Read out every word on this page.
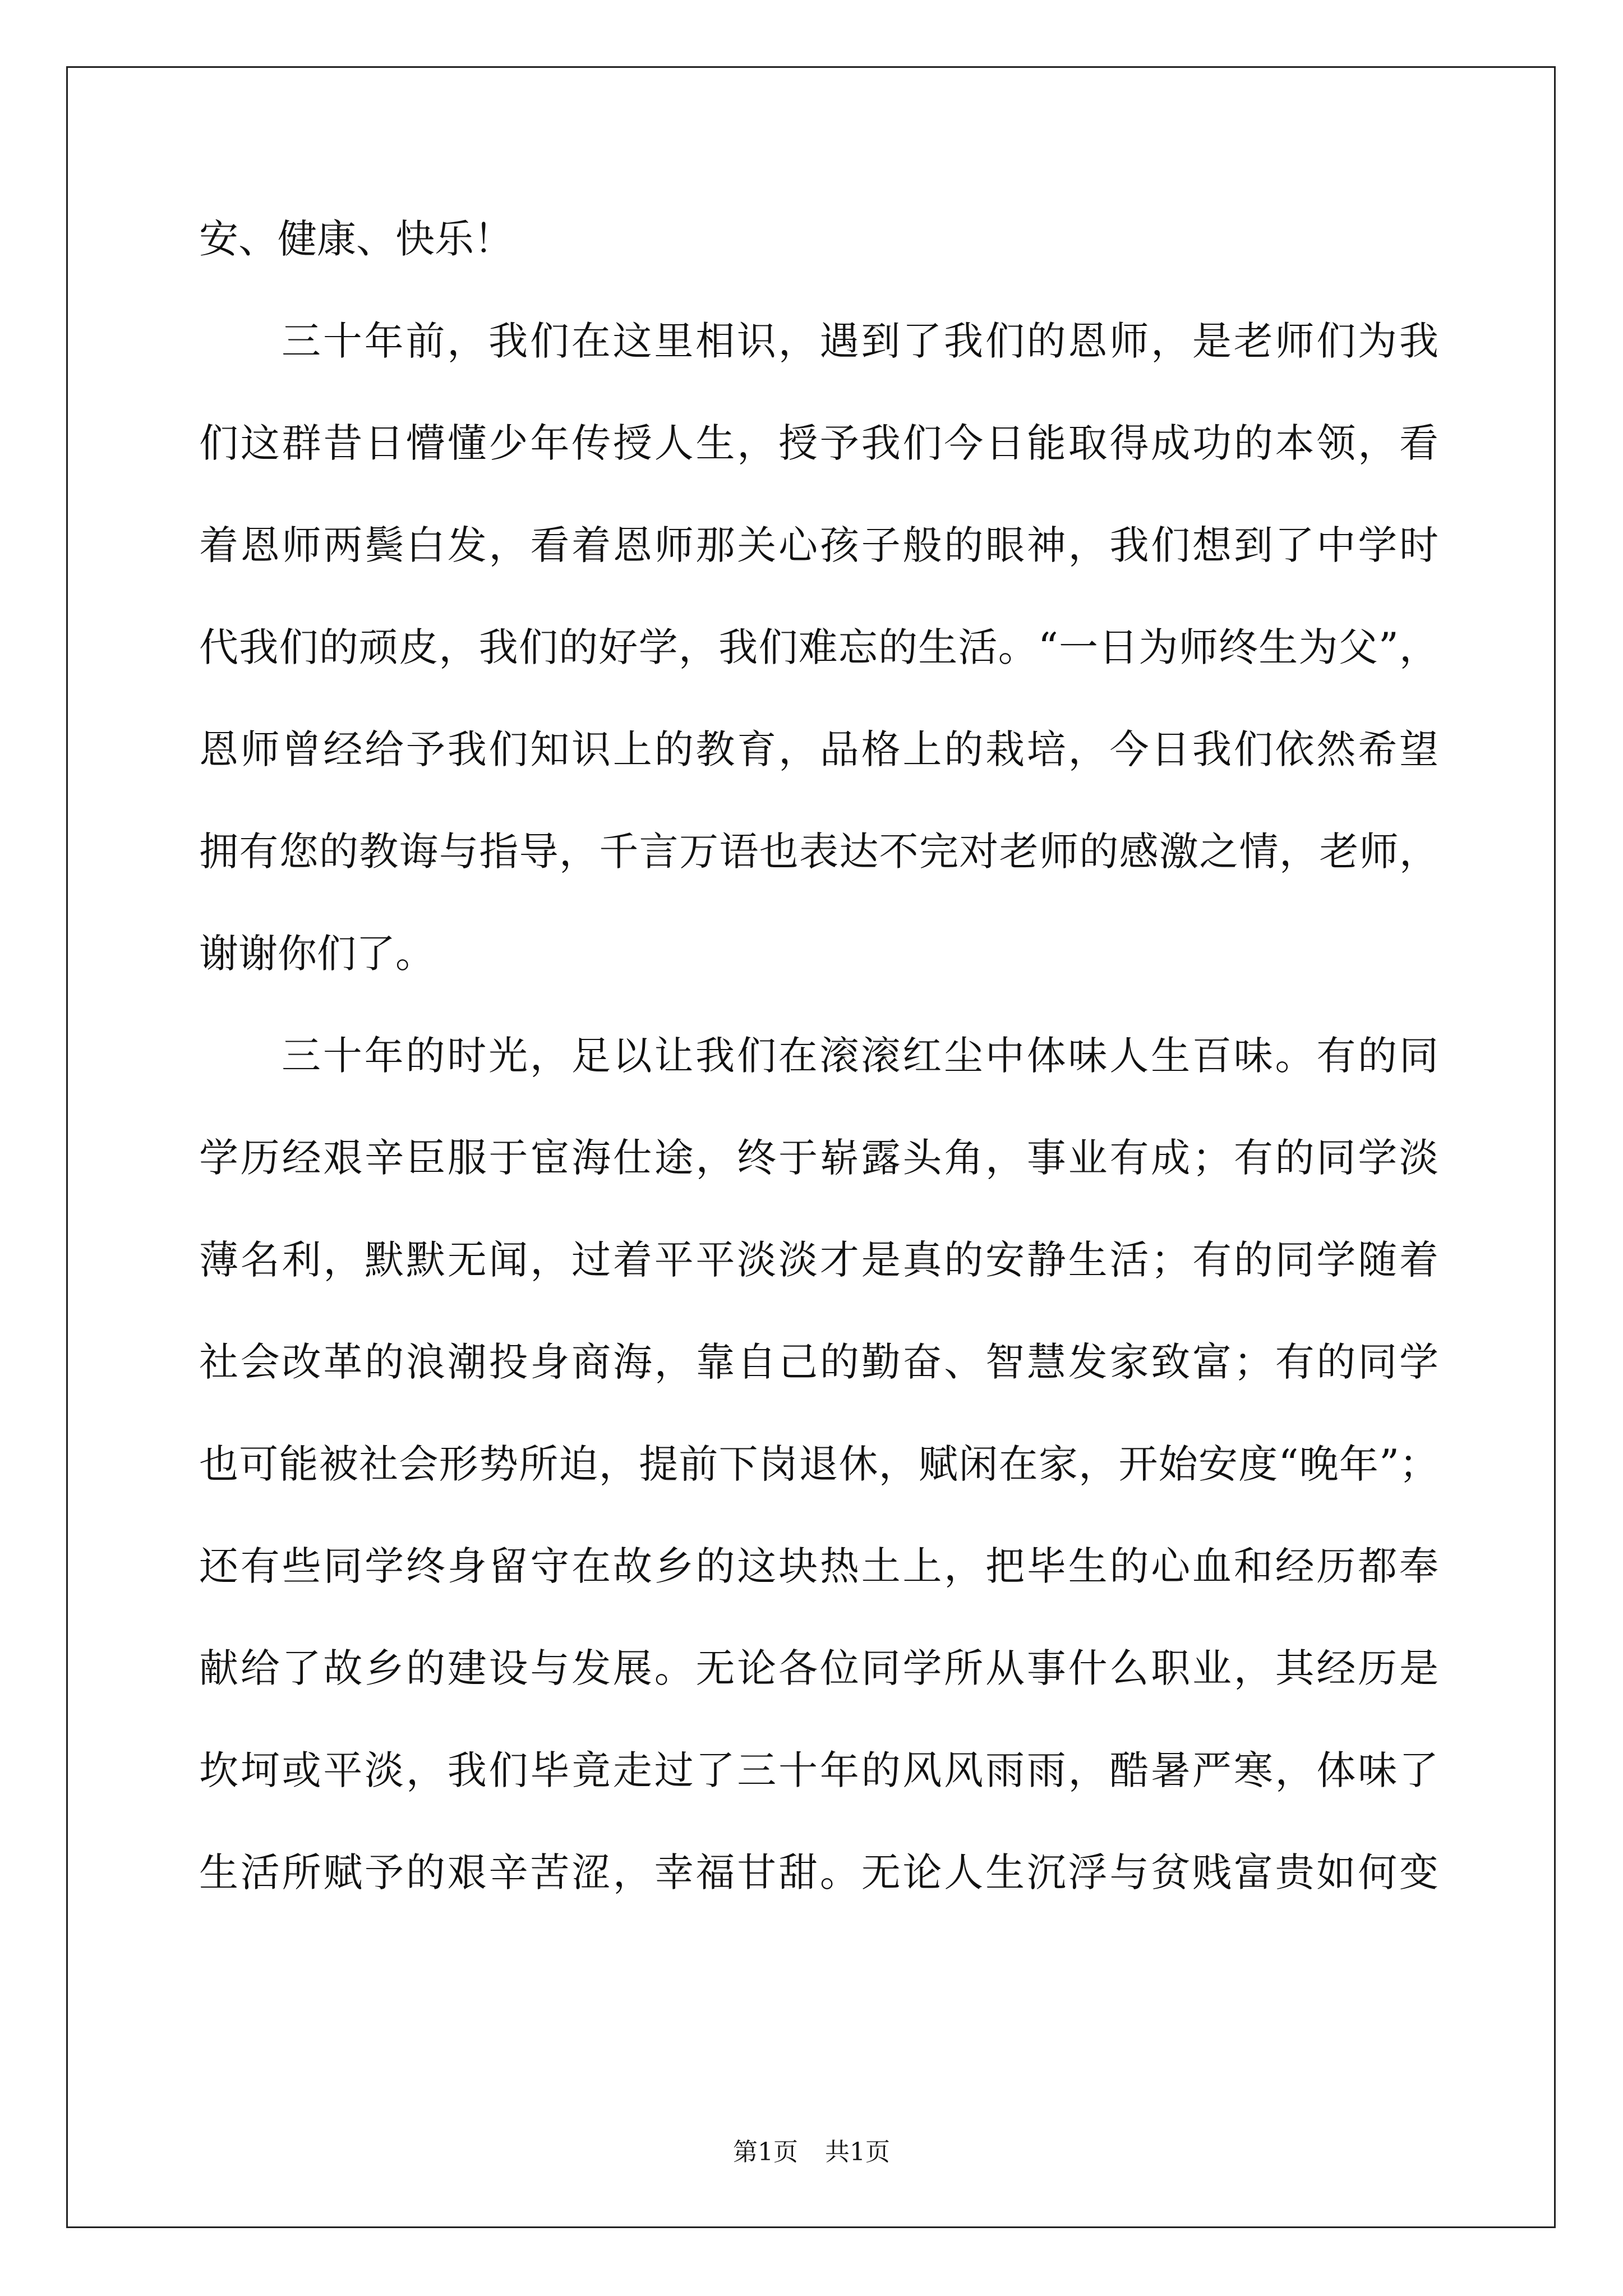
安、健康、快乐！
三十年前，我们在这里相识，遇到了我们的恩师，是老师们为我
们这群昔日懵懂少年传授人生，授予我们今日能取得成功的本领，看
着恩师两鬓白发，看着恩师那关心孩子般的眼神，我们想到了中学时
代我们的顽皮，我们的好学，我们难忘的生活。“一日为师终生为父”，
恩师曾经给予我们知识上的教育，品格上的栽培，今日我们依然希望
拥有您的教诲与指导，千言万语也表达不完对老师的感激之情，老师，
谢谢你们了。
三十年的时光，足以让我们在滚滚红尘中体味人生百味。有的同
学历经艰辛臣服于宦海仕途，终于崭露头角，事业有成；有的同学淡
薄名利，默默无闻，过着平平淡淡才是真的安静生活；有的同学随着
社会改革的浪潮投身商海，靠自己的勤奋、智慧发家致富；有的同学
也可能被社会形势所迫，提前下岗退休，赋闲在家，开始安度“晚年”；
还有些同学终身留守在故乡的这块热土上，把毕生的心血和经历都奉
献给了故乡的建设与发展。无论各位同学所从事什么职业，其经历是
坎坷或平淡，我们毕竟走过了三十年的风风雨雨，酷暑严寒，体味了
生活所赋予的艰辛苦涩，幸福甘甜。无论人生沉浮与贫贱富贵如何变
第1页 共1页
